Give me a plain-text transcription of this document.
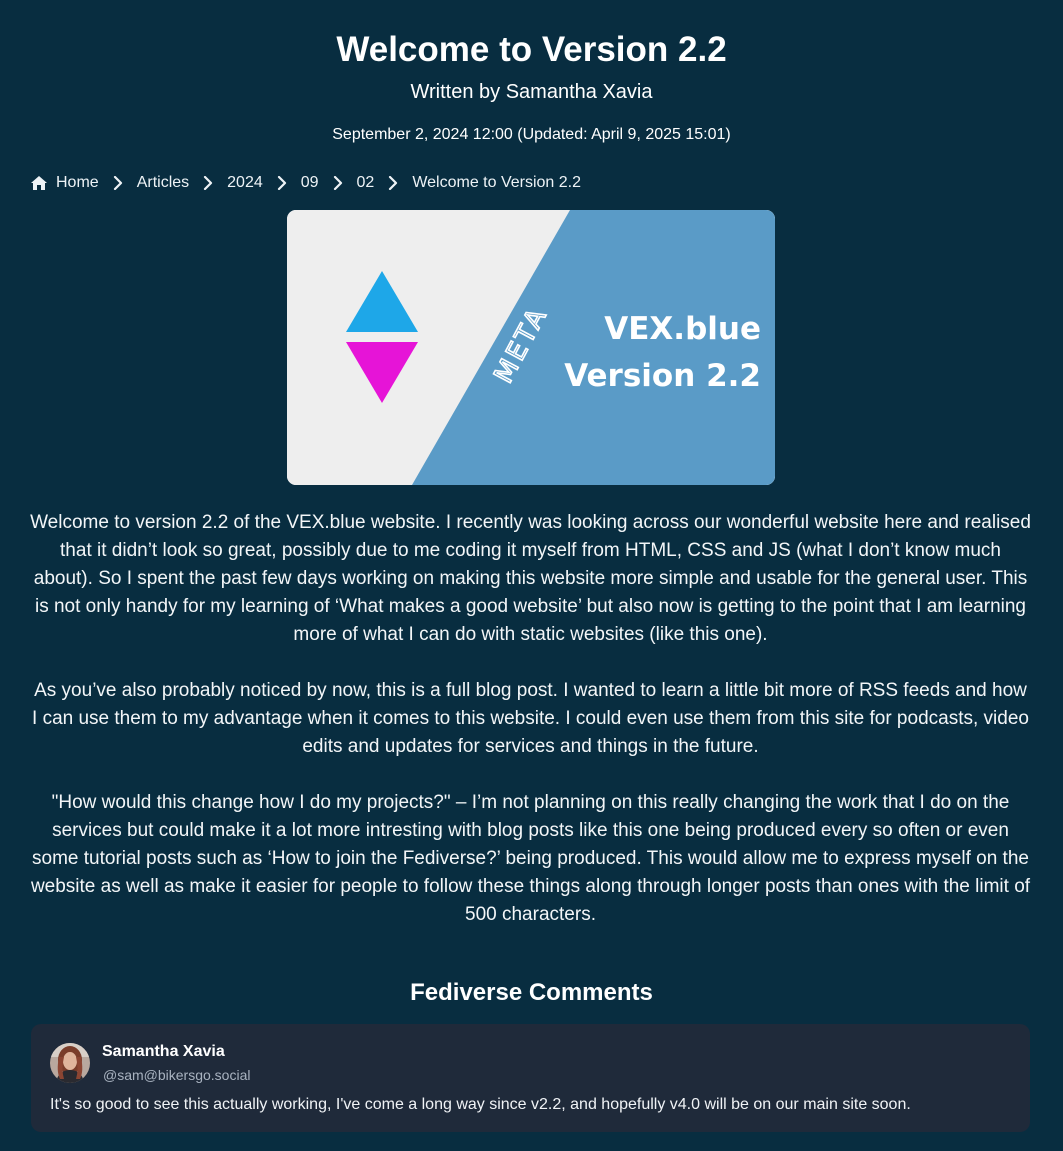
Welcome to Version 2.2
Written by Samantha Xavia
September 2, 2024 12:00 (Updated: April 9, 2025 15:01)
Home Articles 2024 09 02 Welcome to Version 2.2
META VEX.blue
Version 2.2

Welcome to version 2.2 of the VEX.blue website. I recently was looking across our wonderful website here and realised that it didn’t look so great, possibly due to me coding it myself from HTML, CSS and JS (what I don’t know much about). So I spent the past few days working on making this website more simple and usable for the general user. This is not only handy for my learning of ‘What makes a good website’ but also now is getting to the point that I am learning more of what I can do with static websites (like this one).

As you’ve also probably noticed by now, this is a full blog post. I wanted to learn a little bit more of RSS feeds and how I can use them to my advantage when it comes to this website. I could even use them from this site for podcasts, video edits and updates for services and things in the future.

"How would this change how I do my projects?" – I’m not planning on this really changing the work that I do on the services but could make it a lot more intresting with blog posts like this one being produced every so often or even some tutorial posts such as ‘How to join the Fediverse?’ being produced. This would allow me to express myself on the website as well as make it easier for people to follow these things along through longer posts than ones with the limit of 500 characters.

Fediverse Comments
Samantha Xavia
@sam@bikersgo.social
It's so good to see this actually working, I've come a long way since v2.2, and hopefully v4.0 will be on our main site soon.
